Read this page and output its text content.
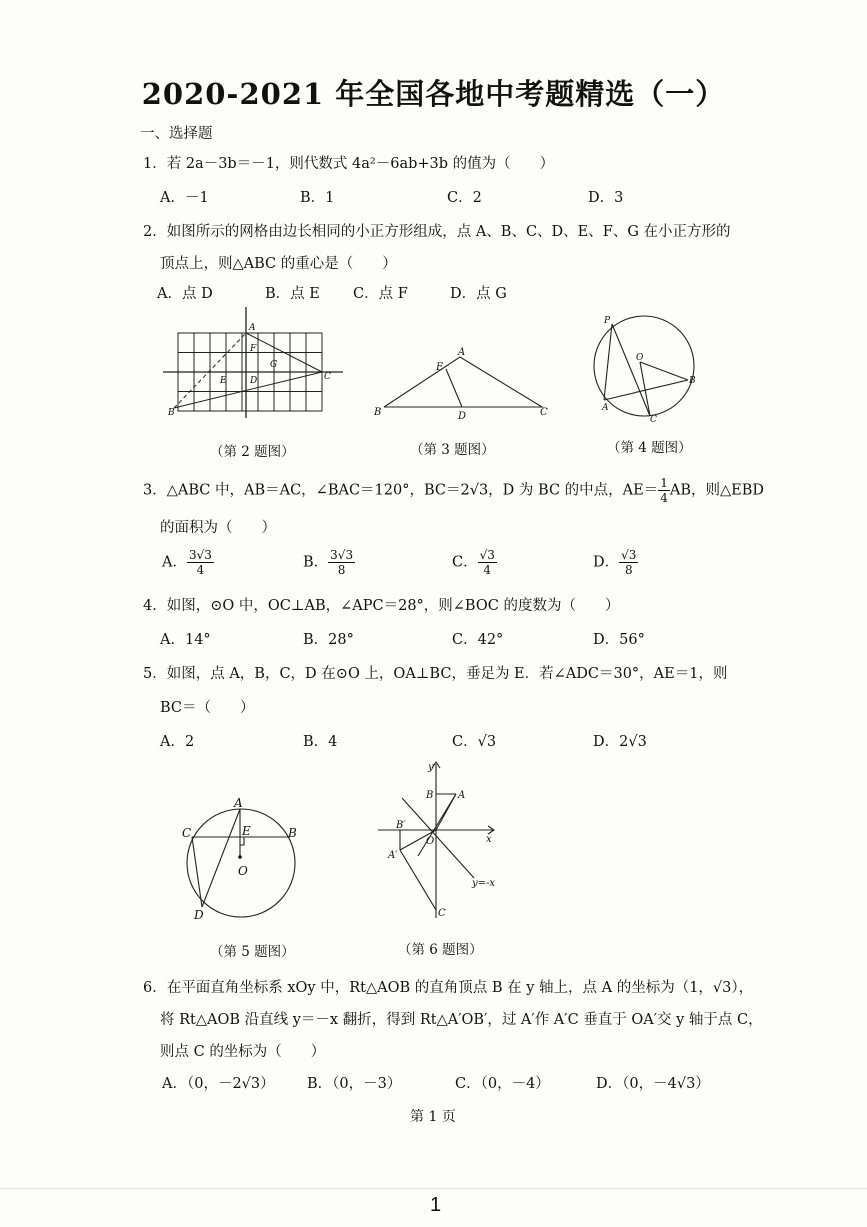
2020-2021 年全国各地中考题精选（一）
一、选择题
1．若 2a－3b＝－1，则代数式 4a²－6ab+3b 的值为（　　）
A．－1	B．1	C．2	D．3
2．如图所示的网格由边长相同的小正方形组成，点 A、B、C、D、E、F、G 在小正方形的
顶点上，则△ABC 的重心是（　　）
A．点 D	B．点 E C．点 F	D．点 G
A
F
G
E	D	C
B
A
E
B	D	C
P
O
B
A
C
（第 2 题图）	（第 3 题图）	（第 4 题图）
3．△ABC 中，AB＝AC，∠BAC＝120°，BC＝2√3，D 为 BC 的中点，$AE= \frac{1}{4}$ AB，则△EBD
的面积为（　　）
A． $\frac{3√3}{4}$	B． $\frac{3√3}{8}$	C． $\frac{√3}{4}$	D． $\frac{√3}{8}$
4．如图，⊙O 中，OC⊥AB，∠APC＝28°，则∠BOC 的度数为（　　）
A．14°	B．28°	C．42°	D．56°
5．如图，点 A，B，C，D 在⊙O 上，OA⊥BC，垂足为 E．若∠ADC＝30°，AE＝1，则
BC＝（　　）
A．2	B．4	C．√3	D．2√3
A
C	E	B
O
D
y
B A
B′
O	x
A′
y=-x
C
（第 5 题图）	（第 6 题图）
6．在平面直角坐标系 xOy 中，Rt△AOB 的直角顶点 B 在 y 轴上，点 A 的坐标为（1，√3），
将 Rt△AOB 沿直线 y＝－x 翻折，得到 Rt△A′OB′，过 A′作 A′C 垂直于 OA′交 y 轴于点 C，
则点 C 的坐标为（　　）
A．（0，－2√3） B．（0，－3）	C．（0，－4）	D．（0，－4√3）
第 1 页
1
